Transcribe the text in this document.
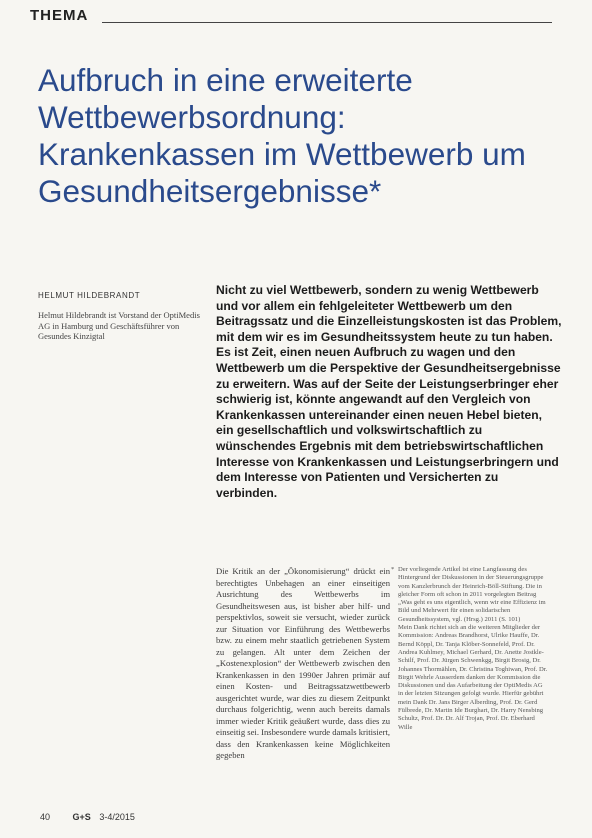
THEMA
Aufbruch in eine erweiterte Wettbewerbsordnung: Krankenkassen im Wettbewerb um Gesundheitsergebnisse*
HELMUT HILDEBRANDT
Helmut Hildebrandt ist Vorstand der OptiMedis AG in Hamburg und Geschäftsführer von Gesundes Kinzigtal

Nicht zu viel Wettbewerb, sondern zu wenig Wettbewerb und vor allem ein fehlgeleiteter Wettbewerb um den Beitragssatz und die Einzelleistungskosten ist das Problem, mit dem wir es im Gesundheitssystem heute zu tun haben. Es ist Zeit, einen neuen Aufbruch zu wagen und den Wettbewerb um die Perspektive der Gesundheitsergebnisse zu erweitern. Was auf der Seite der Leistungserbringer eher schwierig ist, könnte angewandt auf den Vergleich von Krankenkassen untereinander einen neuen Hebel bieten, ein gesellschaftlich und volkswirtschaftlich zu wünschendes Ergebnis mit dem betriebswirtschaftlichen Interesse von Krankenkassen und Leistungserbringern und dem Interesse von Patienten und Versicherten zu verbinden.

Die Kritik an der „Ökonomisierung“ drückt ein berechtigtes Unbehagen an einer einseitigen Ausrichtung des Wettbewerbs im Gesundheitswesen aus, ist bisher aber hilf- und perspektivlos, soweit sie versucht, wieder zurück zur Situation vor Einführung des Wettbewerbs bzw. zu einem mehr staatlich getriebenen System zu gelangen. Alt unter dem Zeichen der „Kostenexplosion“ der Wettbewerb zwischen den Krankenkassen in den 1990er Jahren primär auf einen Kosten- und Beitragssatzwettbewerb ausgerichtet wurde, war dies zu diesem Zeitpunkt durchaus folgerichtig, wenn auch bereits damals immer wieder Kritik geäußert wurde, dass dies zu einseitig sei. Insbesondere wurde damals kritisiert, dass den Krankenkassen keine Möglichkeiten gegeben

* Der vorliegende Artikel ist eine Langfassung des Hintergrund der Diskussionen in der Steuerungsgruppe vom Kanzlerbrunch der Heinrich-Böll-Stiftung. Die in gleicher Form oft schon in 2011 vorgelegten Beitrag „Was geht es uns eigentlich, wenn wir eine Effizienz im Bild und Mehrwert für einen solidarischen Gesundheitssystem, vgl. (Hrsg.) 2011 (S. 101)

Mein Dank richtet sich an die weiteren Mitglieder der Kommission: Andreas Brandhorst, Ulrike Hauffe, Dr. Bernd Köppl, Dr. Tanja Klöber-Sonnefeld, Prof. Dr. Andrea Kuhlmey, Michael Gerhard, Dr. Anette Jostkle-Schilf, Prof. Dr. Jürgen Schwenkgg, Birgit Brosig, Dr. Johannes Thormählen, Dr. Christina Toghiwan, Prof. Dr. Birgit Wehrle Ausserdem danken der Kommission die Diskussionen und das Aufarbeitung der OptiMedis AG in der letzten Sitzungen gefolgt wurde. Hierfür gebührt mein Dank Dr. Jans Birger Alberding, Prof. Dr. Gerd Fülbrede, Dr. Martin Ide Burghart, Dr. Harry Nensbing Schultz, Prof. Dr. Dr. Alf Trojan, Prof. Dr. Eberhard Wille

40	G+S 3-4/2015
